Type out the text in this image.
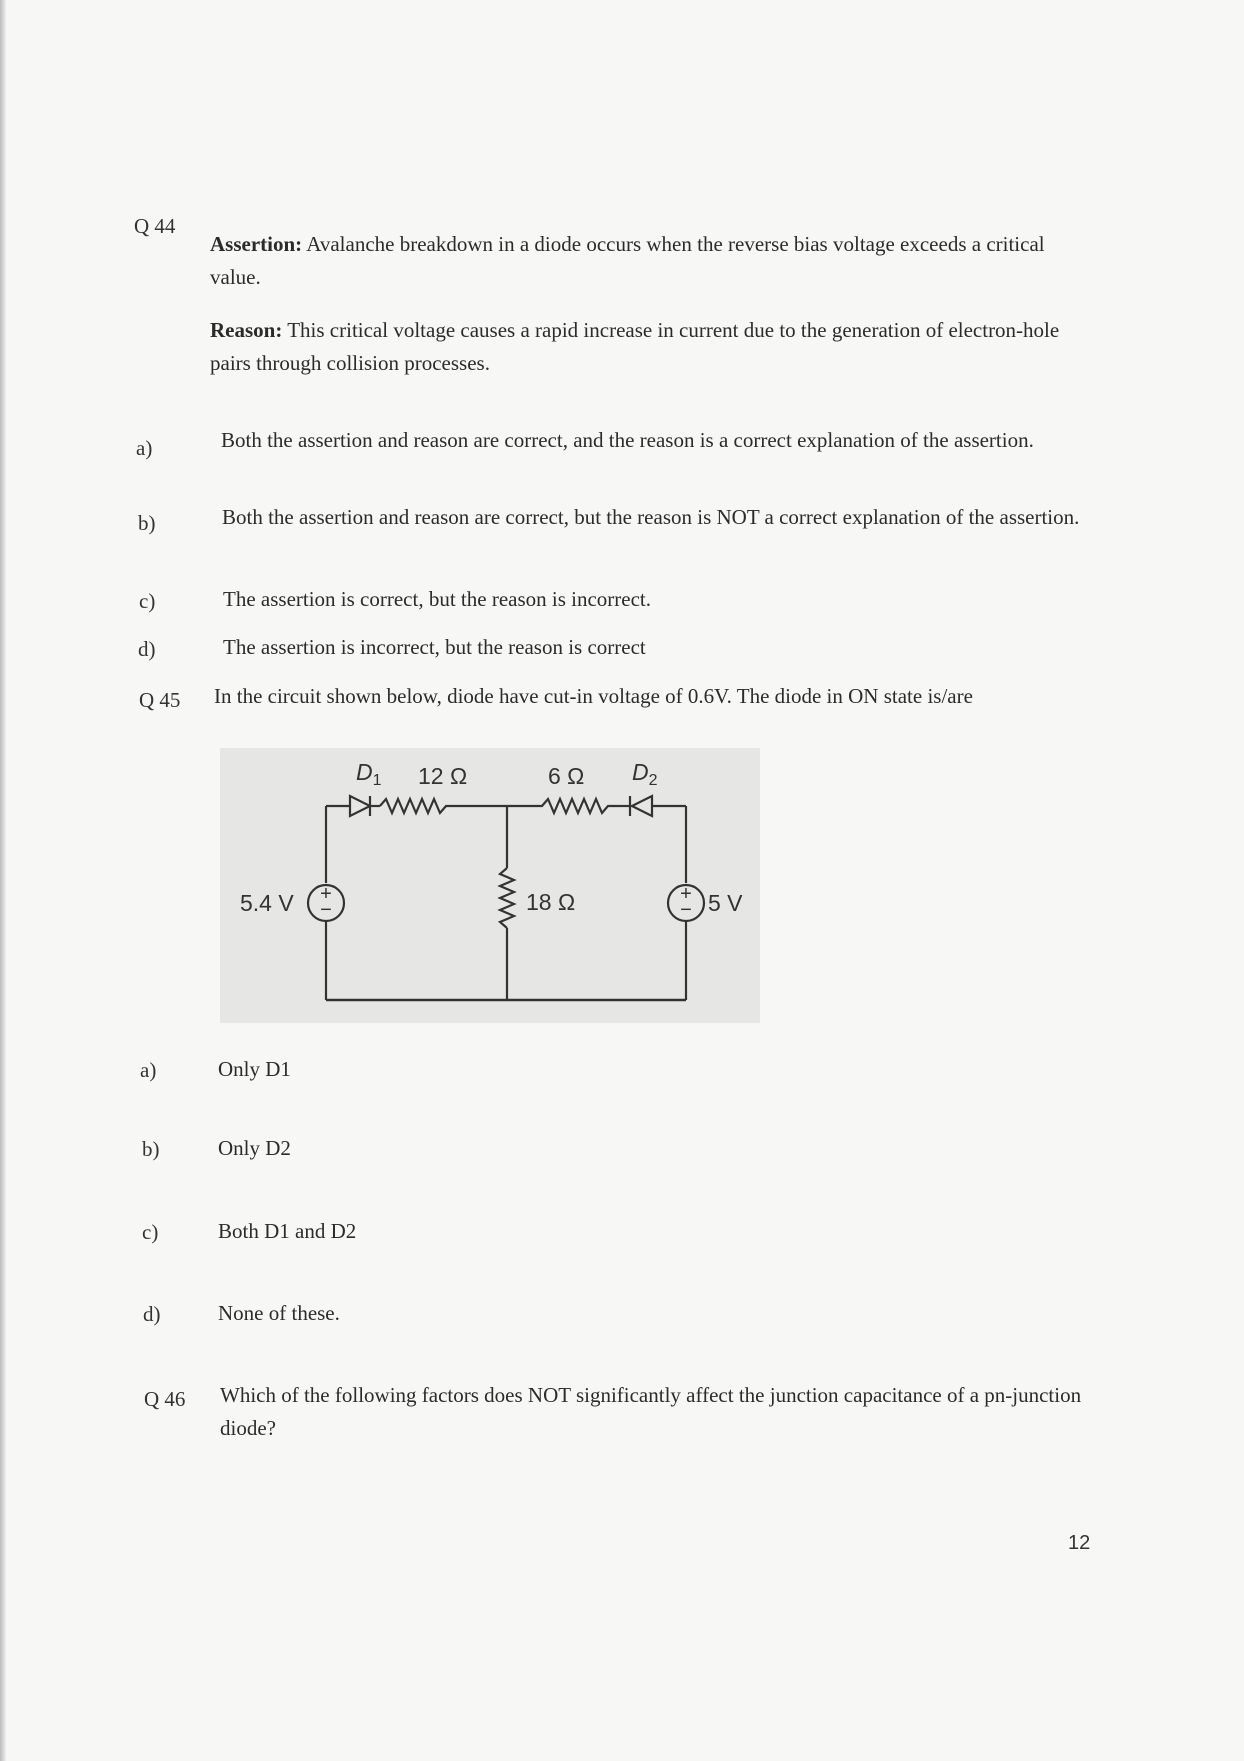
Q 44
Assertion: Avalanche breakdown in a diode occurs when the reverse bias voltage exceeds a critical value.
Reason: This critical voltage causes a rapid increase in current due to the generation of electron-hole pairs through collision processes.
a)	Both the assertion and reason are correct, and the reason is a correct explanation of the assertion.
b)	Both the assertion and reason are correct, but the reason is NOT a correct explanation of the assertion.
c)	The assertion is correct, but the reason is incorrect.
d)	The assertion is incorrect, but the reason is correct
Q 45 In the circuit shown below, diode have cut-in voltage of 0.6V. The diode in ON state is/are
+
−
+
−
$D_1$ 12 Ω	6 Ω $D_2$
18 Ω
5.4 V	5 V
a)	Only D1
b)	Only D2
c)	Both D1 and D2
d)	None of these.
Q 46 Which of the following factors does NOT significantly affect the junction capacitance of a pn-junction diode?
12
